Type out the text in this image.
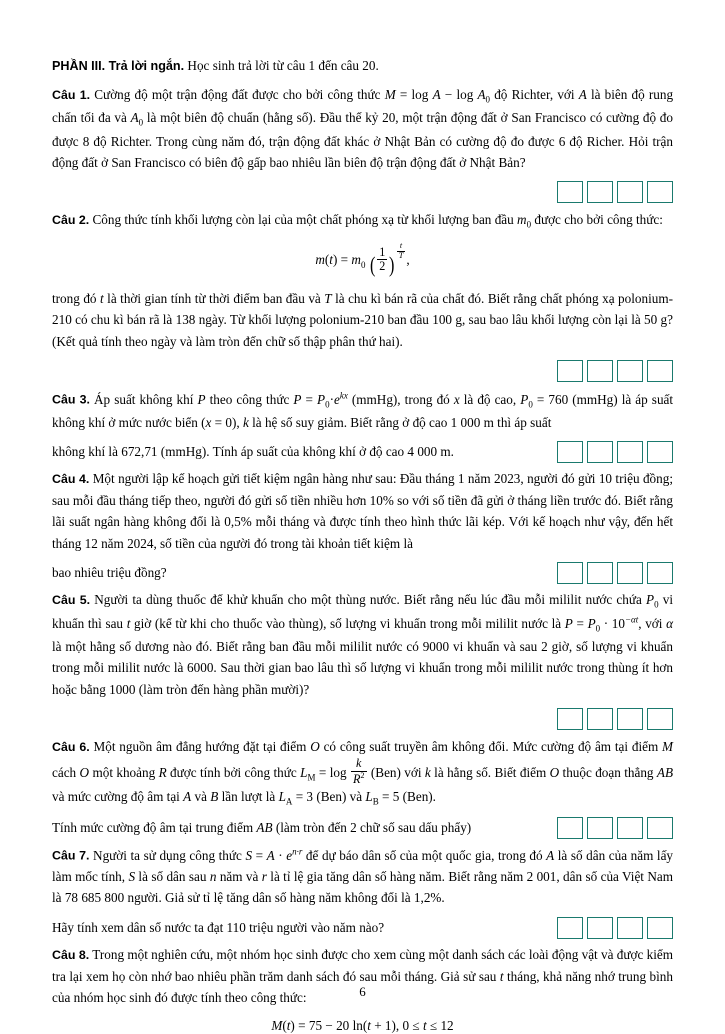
PHẦN III. Trả lời ngắn. Học sinh trả lời từ câu 1 đến câu 20.
Câu 1. Cường độ một trận động đất được cho bởi công thức $M = \log A - \log A_0$ độ Richter, với A là biên độ rung chấn tối đa và $A_0$ là một biên độ chuẩn (hằng số). Đầu thế kỷ 20, một trận động đất ở San Francisco có cường độ đo được 8 độ Richter. Trong cùng năm đó, trận động đất khác ở Nhật Bản có cường độ đo được 6 độ Richer. Hỏi trận động đất ở San Francisco có biên độ gấp bao nhiêu lần biên độ trận động đất ở Nhật Bản?
Câu 2. Công thức tính khối lượng còn lại của một chất phóng xạ từ khối lượng ban đầu $m_0$ được cho bởi công thức:
$m(t) = m_0$ ( $\frac{1}{2}$ )
$^{\frac{t}{T}}$ ,
trong đó t là thời gian tính từ thời điểm ban đầu và T là chu kì bán rã của chất đó. Biết rằng chất phóng xạ polonium-210 có chu kì bán rã là 138 ngày. Từ khối lượng polonium-210 ban đầu 100 g, sau bao lâu khối lượng còn lại là 50 g? (Kết quả tính theo ngày và làm tròn đến chữ số thập phân thứ hai).
Câu 3. Áp suất không khí P theo công thức $P = P_0\cdot e^{kx}$ (mmHg), trong đó x là độ cao, $P_0 = 760$ (mmHg) là áp suất không khí ở mức nước biển (x = 0), k là hệ số suy giảm. Biết rằng ở độ cao 1 000 m thì áp suất
không khí là 672,71 (mmHg). Tính áp suất của không khí ở độ cao 4 000 m.
Câu 4. Một người lập kế hoạch gửi tiết kiệm ngân hàng như sau: Đầu tháng 1 năm 2023, người đó gửi 10 triệu đồng; sau mỗi đầu tháng tiếp theo, người đó gửi số tiền nhiều hơn 10% so với số tiền đã gửi ở tháng liền trước đó. Biết rằng lãi suất ngân hàng không đổi là 0,5% mỗi tháng và được tính theo hình thức lãi kép. Với kế hoạch như vậy, đến hết tháng 12 năm 2024, số tiền của người đó trong tài khoản tiết kiệm là
bao nhiêu triệu đồng?
Câu 5. Người ta dùng thuốc để khử khuẩn cho một thùng nước. Biết rằng nếu lúc đầu mỗi mililit nước chứa $P_0$ vi khuẩn thì sau t giờ (kể từ khi cho thuốc vào thùng), số lượng vi khuẩn trong mỗi mililit nước là $P = P_0 \cdot 10^{-\alpha t}$, với α là một hằng số dương nào đó. Biết rằng ban đầu mỗi mililit nước có 9000 vi khuẩn và sau 2 giờ, số lượng vi khuẩn trong mỗi mililit nước là 6000. Sau thời gian bao lâu thì số lượng vi khuẩn trong mỗi mililit nước trong thùng ít hơn hoặc bằng 1000 (làm tròn đến hàng phần mười)?
Câu 6. Một nguồn âm đẳng hướng đặt tại điểm O có công suất truyền âm không đổi. Mức cường độ âm tại điểm M cách O một khoảng R được tính bởi công thức $L_M = \log \frac{k}{R^2} (Ben)$ với k là hằng số. Biết điểm O thuộc đoạn thẳng AB và mức cường độ âm tại A và B lần lượt là $L_A = 3$ (Ben) và $L_B = 5$ (Ben).
Tính mức cường độ âm tại trung điểm AB (làm tròn đến 2 chữ số sau dấu phẩy)
Câu 7. Người ta sử dụng công thức $S = A \cdot e^{n\cdot r}$ để dự báo dân số của một quốc gia, trong đó A là số dân của năm lấy làm mốc tính, S là số dân sau n năm và r là tỉ lệ gia tăng dân số hàng năm. Biết rằng năm 2 001, dân số của Việt Nam là 78 685 800 người. Giả sử tỉ lệ tăng dân số hàng năm không đổi là 1,2%.
Hãy tính xem dân số nước ta đạt 110 triệu người vào năm nào?
Câu 8. Trong một nghiên cứu, một nhóm học sinh được cho xem cùng một danh sách các loài động vật và được kiểm tra lại xem họ còn nhớ bao nhiêu phần trăm danh sách đó sau mỗi tháng. Giả sử sau t tháng, khả năng nhớ trung bình của nhóm học sinh đó được tính theo công thức:
M(t) = 75 − 20 ln(t + 1), 0 ≤ t ≤ 12
6
